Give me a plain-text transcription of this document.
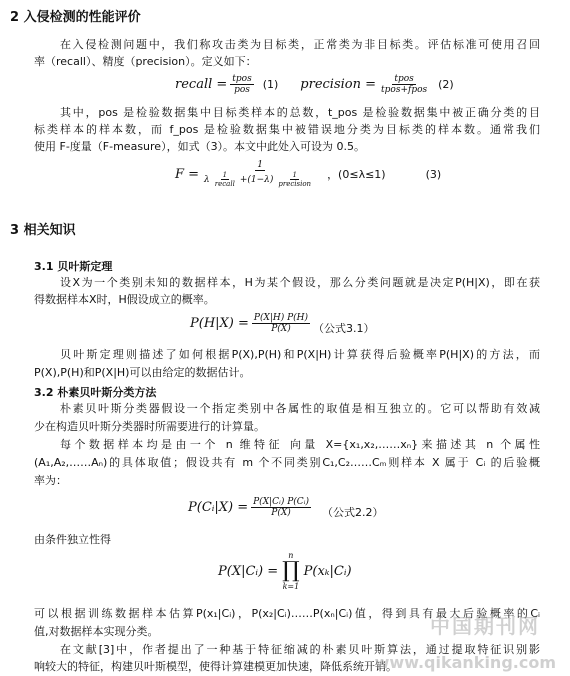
2 入侵检测的性能评价
在入侵检测问题中，我们称攻击类为目标类，正常类为非目标类。评估标准可使用召回
率（recall）、精度（precision）。定义如下：
recall = $\frac{\text{tpos}}{\text{pos}} (1)$ precision = $\frac{\text{tpos}}{\text{tpos+fpos}} (2)$
其中，pos 是检验数据集中目标类样本的总数，t_pos 是检验数据集中被正确分类的目
标类样本的样本数，而 f_pos 是检验数据集中被错误地分类为目标类的样本数。通常我们
使用 F-度量（F-measure），如式（3）。本文中此处入可设为 0.5。
F =
1
λ $\frac{1}{\text{recall}} +(1-\lambda) \frac{1}{\text{precision}}$ ，(0≤λ≤1)	(3)
3 相关知识
3.1 贝叶斯定理
设X为一个类别未知的数据样本，H为某个假设，那么分类问题就是决定P(H|X)，即在获
得数据样本X时，H假设成立的概率。
$P(H|X) = \frac{P(X|H) P(H)}{P(X)}$ （公式3.1）
贝叶斯定理则描述了如何根据P(X),P(H)和P(X|H)计算获得后验概率P(H|X)的方法，而
P(X),P(H)和P(X|H)可以由给定的数据估计。
3.2 朴素贝叶斯分类方法
朴素贝叶斯分类器假设一个指定类别中各属性的取值是相互独立的。它可以帮助有效减
少在构造贝叶斯分类器时所需要进行的计算量。
每个数据样本均是由一个 n 维特征 向量 X={x₁,x₂,……xₙ}来描述其 n 个属性
(A₁,A₂,……Aₙ)的具体取值；假设共有 m 个不同类别C₁,C₂……Cₘ则样本 X 属于 Cᵢ 的后验概
率为：
P(Cᵢ|X) = $\frac{\text{P(X|Cᵢ) P(Cᵢ)}}{P(X)}$ （公式2.2）
由条件独立性得
P(X|Cᵢ) =
n
∏
k=1
P(xₖ|Cᵢ)
可以根据训练数据样本估算P(x₁|Cᵢ)，P(x₂|Cᵢ)……P(xₙ|Cᵢ)值，得到具有最大后验概率的Cᵢ
值,对数据样本实现分类。
在文献[3]中，作者提出了一种基于特征缩减的朴素贝叶斯算法，通过提取特征识别影
响较大的特征，构建贝叶斯模型，使得计算建模更加快速，降低系统开销。
中国期刊网
www.qikanking.com
